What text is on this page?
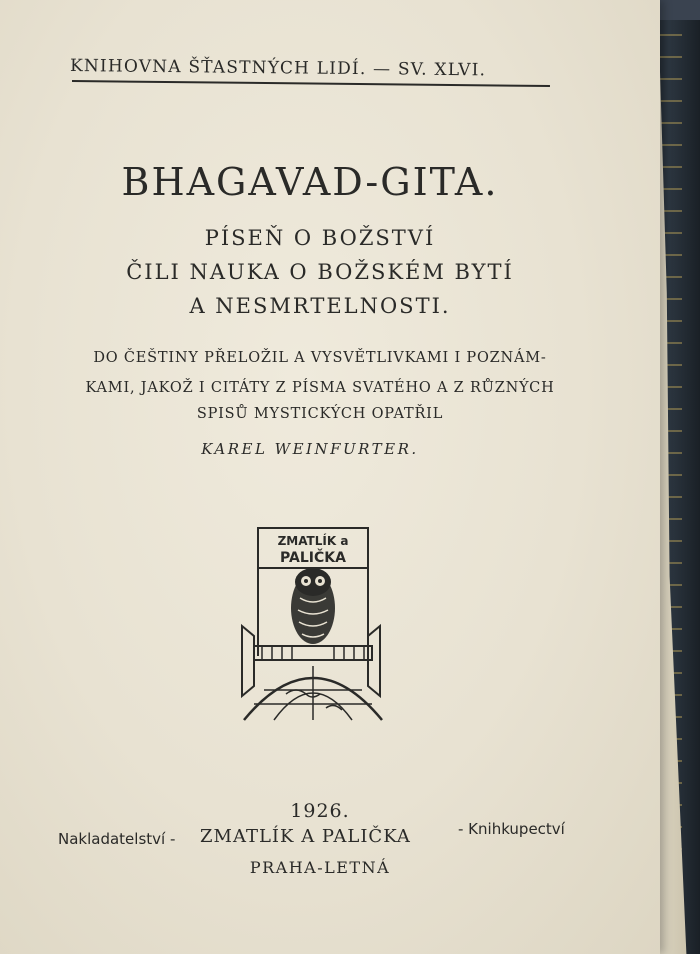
KNIHOVNA ŠŤASTNÝCH LIDÍ. — SV. XLVI.
BHAGAVAD-GITA.
PÍSEŇ O BOŽSTVÍ
ČILI NAUKA O BOŽSKÉM BYTÍ
A NESMRTELNOSTI.
DO ČEŠTINY PŘELOŽIL A VYSVĚTLIVKAMI I POZNÁM-
KAMI, JAKOŽ I CITÁTY Z PÍSMA SVATÉHO A Z RŮZNÝCH
SPISŮ MYSTICKÝCH OPATŘIL
KAREL WEINFURTER.
ZMATLÍK a
PALIČKA
1926.
Nakladatelství - ZMATLÍK A PALIČKA	- Knihkupectví
PRAHA-LETNÁ
